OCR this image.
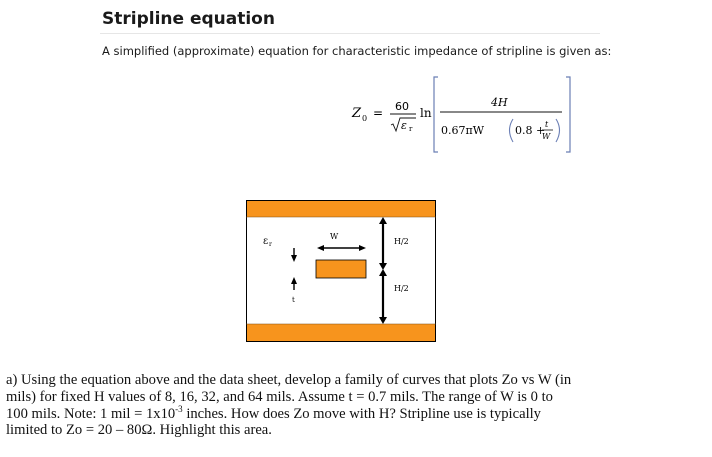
Stripline equation
A simplified (approximate) equation for characteristic impedance of stripline is given as:
Z 0 = 60
ε r
ln
4H
0.67πW	0.8 + t
W
ε r
W
t
H/2
H/2

a) Using the equation above and the data sheet, develop a family of curves that plots Zo vs W (in

mils) for fixed H values of 8, 16, 32, and 64 mils. Assume t = 0.7 mils. The range of W is 0 to

100 mils. Note: 1 mil = $1x10^{-3}$ inches. How does Zo move with H? Stripline use is typically

limited to Zo = 20 – 80Ω. Highlight this area.
